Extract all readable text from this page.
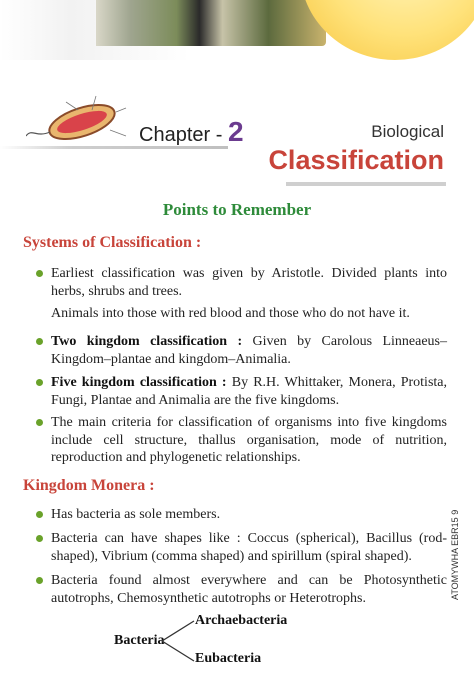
Chapter - 2	Biological
Classification
Points to Remember
Systems of Classification :
Earliest classification was given by Aristotle. Divided plants into herbs, shrubs and trees.
Animals into those with red blood and those who do not have it.
Two kingdom classification : Given by Carolous Linneaeus–Kingdom–plantae and kingdom–Animalia.
Five kingdom classification : By R.H. Whittaker, Monera, Protista, Fungi, Plantae and Animalia are the five kingdoms.
The main criteria for classification of organisms into five kingdoms include cell structure, thallus organisation, mode of nutrition, reproduction and phylogenetic relationships.
Kingdom Monera :
Has bacteria as sole members.
Bacteria can have shapes like : Coccus (spherical), Bacillus (rod-shaped), Vibrium (comma shaped) and spirillum (spiral shaped).
Bacteria found almost everywhere and can be Photosynthetic autotrophs, Chemosynthetic autotrophs or Heterotrophs.
Bacteria
Archaebacteria
Eubacteria
ATOMYWHA EBR15 9
